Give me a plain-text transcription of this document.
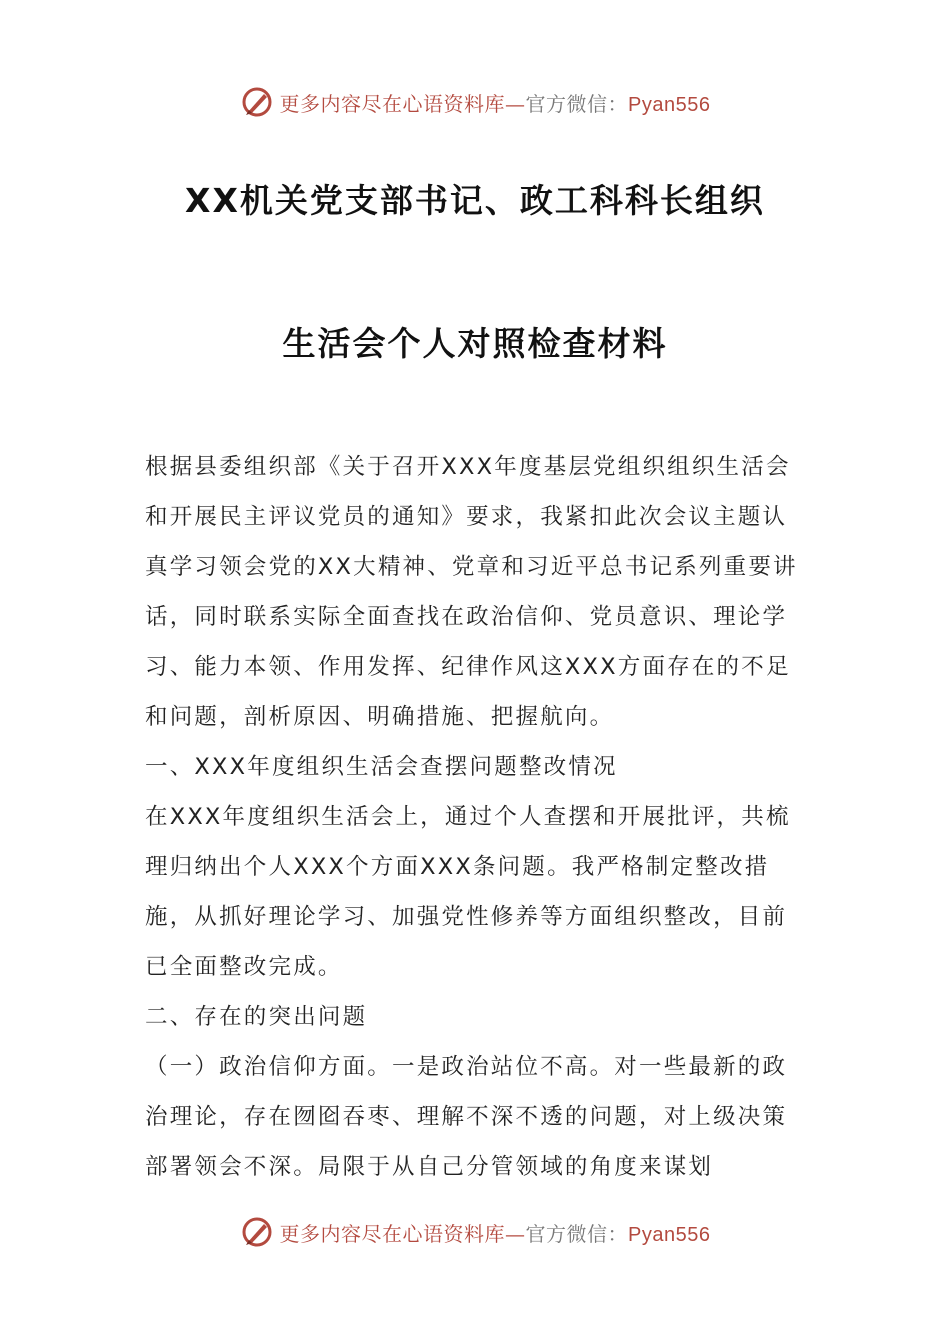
更多内容尽在心语资料库—官方微信：Pyan556
XX机关党支部书记、政工科科长组织
生活会个人对照检查材料

根据县委组织部《关于召开XXX年度基层党组织组织生活会和开展民主评议党员的通知》要求，我紧扣此次会议主题认真学习领会党的XX大精神、党章和习近平总书记系列重要讲话，同时联系实际全面查找在政治信仰、党员意识、理论学习、能力本领、作用发挥、纪律作风这XXX方面存在的不足和问题，剖析原因、明确措施、把握航向。

一、XXX年度组织生活会查摆问题整改情况

在XXX年度组织生活会上，通过个人查摆和开展批评，共梳理归纳出个人XXX个方面XXX条问题。我严格制定整改措施，从抓好理论学习、加强党性修养等方面组织整改，目前已全面整改完成。

二、存在的突出问题

（一）政治信仰方面。一是政治站位不高。对一些最新的政治理论，存在囫囵吞枣、理解不深不透的问题，对上级决策部署领会不深。局限于从自己分管领域的角度来谋划

更多内容尽在心语资料库—官方微信：Pyan556
